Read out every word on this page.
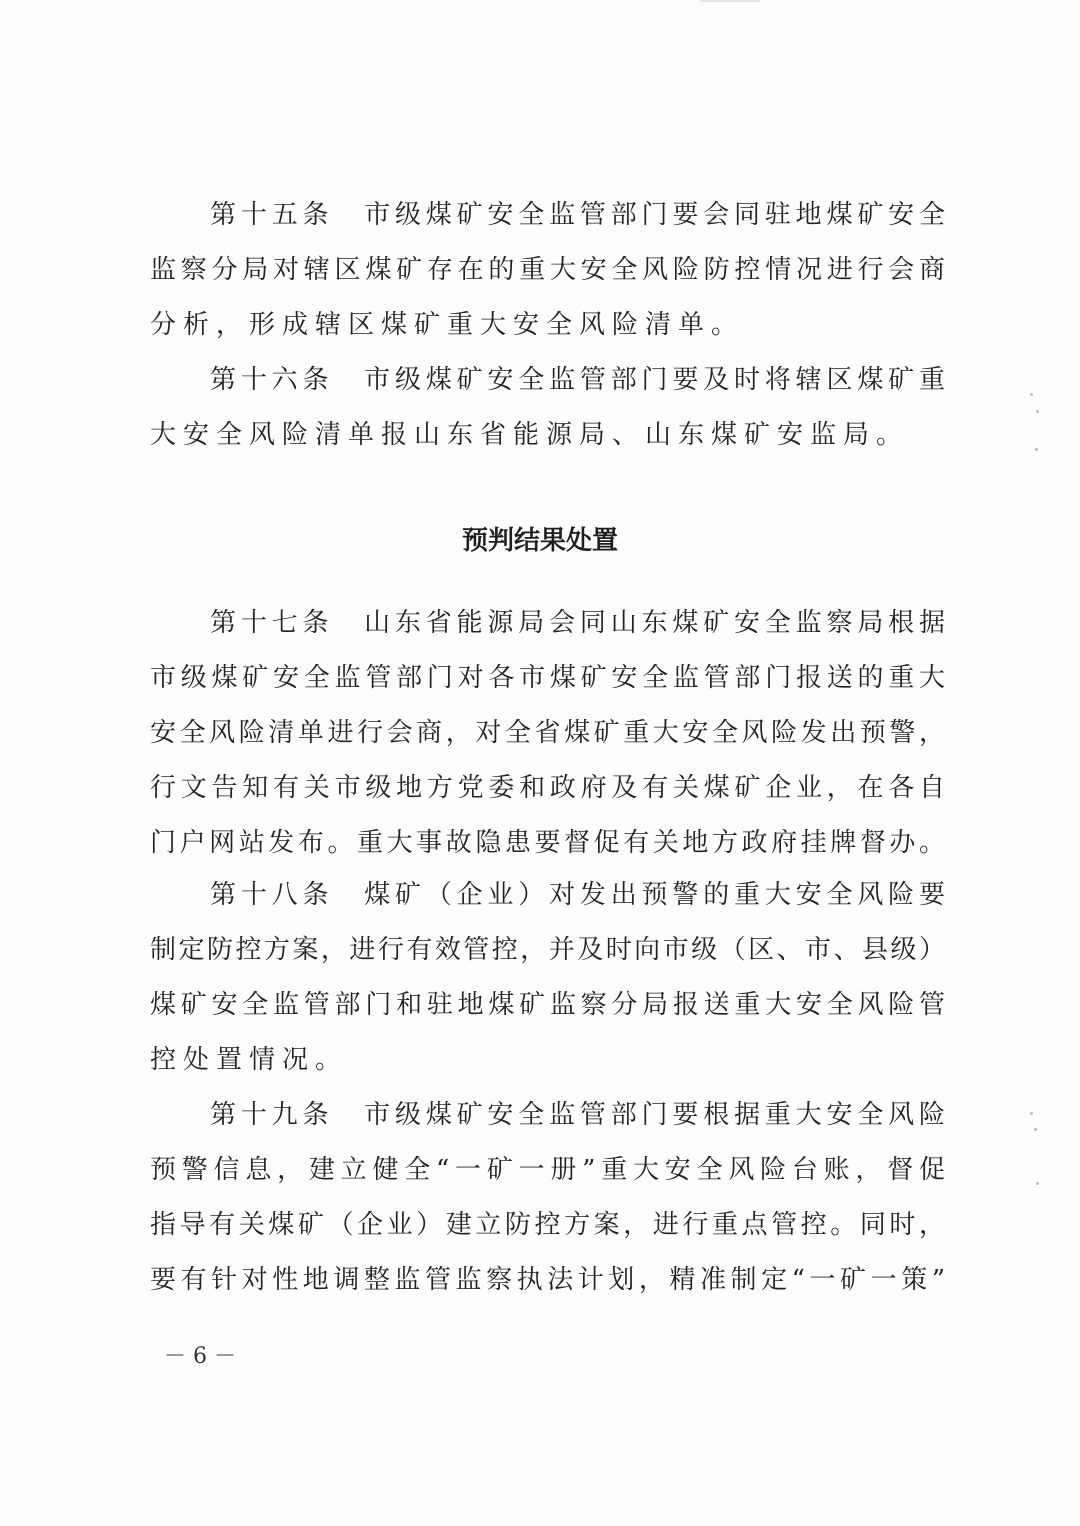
第十五条　市级煤矿安全监管部门要会同驻地煤矿安全
监察分局对辖区煤矿存在的重大安全风险防控情况进行会商
分析，形成辖区煤矿重大安全风险清单。
第十六条　市级煤矿安全监管部门要及时将辖区煤矿重
大安全风险清单报山东省能源局、山东煤矿安监局。
预判结果处置
第十七条　山东省能源局会同山东煤矿安全监察局根据
市级煤矿安全监管部门对各市煤矿安全监管部门报送的重大
安全风险清单进行会商，对全省煤矿重大安全风险发出预警，
行文告知有关市级地方党委和政府及有关煤矿企业，在各自
门户网站发布。重大事故隐患要督促有关地方政府挂牌督办。
第十八条　煤矿（企业）对发出预警的重大安全风险要
制定防控方案，进行有效管控，并及时向市级（区、市、县级）
煤矿安全监管部门和驻地煤矿监察分局报送重大安全风险管
控处置情况。
第十九条　市级煤矿安全监管部门要根据重大安全风险
预警信息，建立健全“一矿一册”重大安全风险台账，督促
指导有关煤矿（企业）建立防控方案，进行重点管控。同时，
要有针对性地调整监管监察执法计划，精准制定“一矿一策”
－ 6 －
